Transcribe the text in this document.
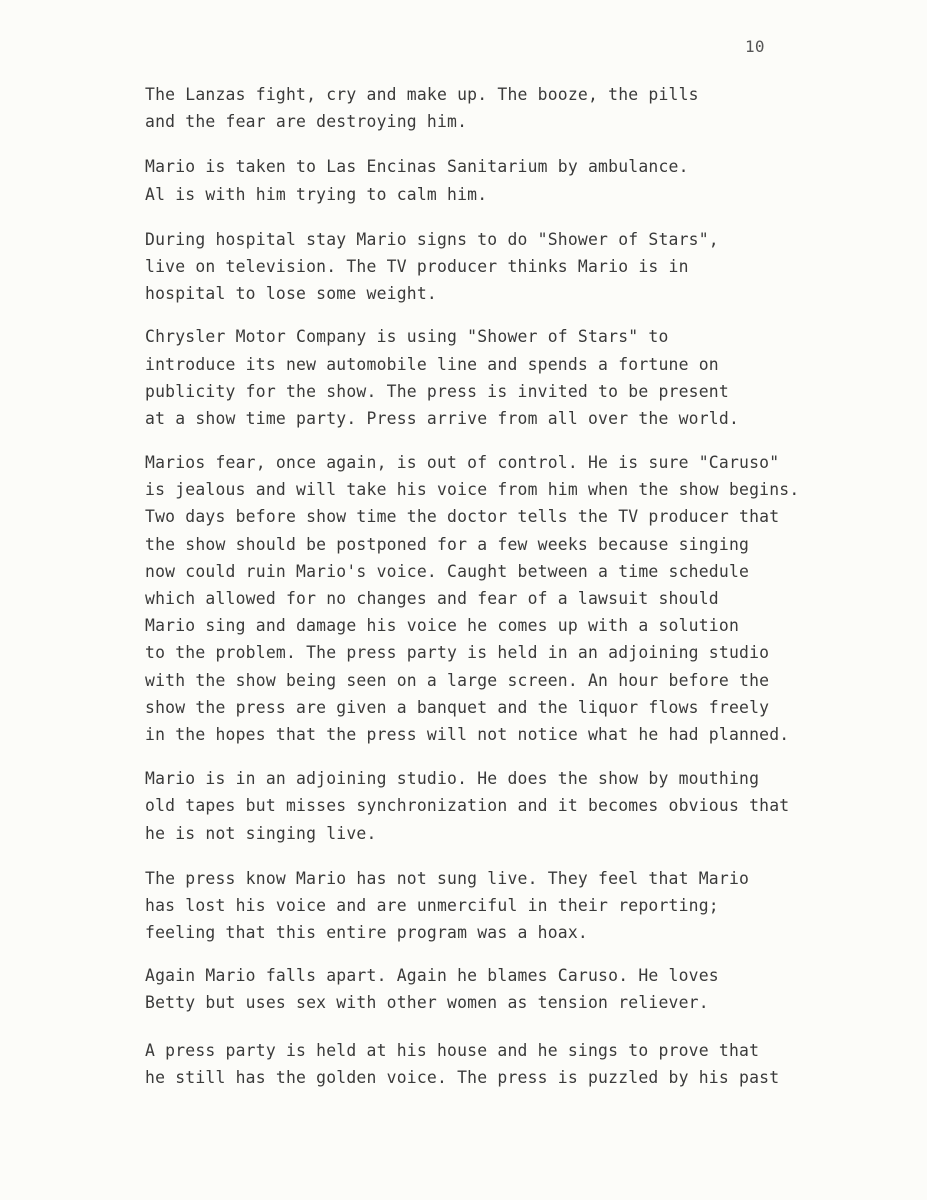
10
The Lanzas fight, cry and make up. The booze, the pills
and the fear are destroying him.
Mario is taken to Las Encinas Sanitarium by ambulance.
Al is with him trying to calm him.
During hospital stay Mario signs to do "Shower of Stars",
live on television. The TV producer thinks Mario is in
hospital to lose some weight.
Chrysler Motor Company is using "Shower of Stars" to
introduce its new automobile line and spends a fortune on
publicity for the show. The press is invited to be present
at a show time party. Press arrive from all over the world.
Marios fear, once again, is out of control. He is sure "Caruso"
is jealous and will take his voice from him when the show begins.
Two days before show time the doctor tells the TV producer that
the show should be postponed for a few weeks because singing
now could ruin Mario's voice. Caught between a time schedule
which allowed for no changes and fear of a lawsuit should
Mario sing and damage his voice he comes up with a solution
to the problem. The press party is held in an adjoining studio
with the show being seen on a large screen. An hour before the
show the press are given a banquet and the liquor flows freely
in the hopes that the press will not notice what he had planned.
Mario is in an adjoining studio. He does the show by mouthing
old tapes but misses synchronization and it becomes obvious that
he is not singing live.
The press know Mario has not sung live. They feel that Mario
has lost his voice and are unmerciful in their reporting;
feeling that this entire program was a hoax.
Again Mario falls apart. Again he blames Caruso. He loves
Betty but uses sex with other women as tension reliever.
A press party is held at his house and he sings to prove that
he still has the golden voice. The press is puzzled by his past
